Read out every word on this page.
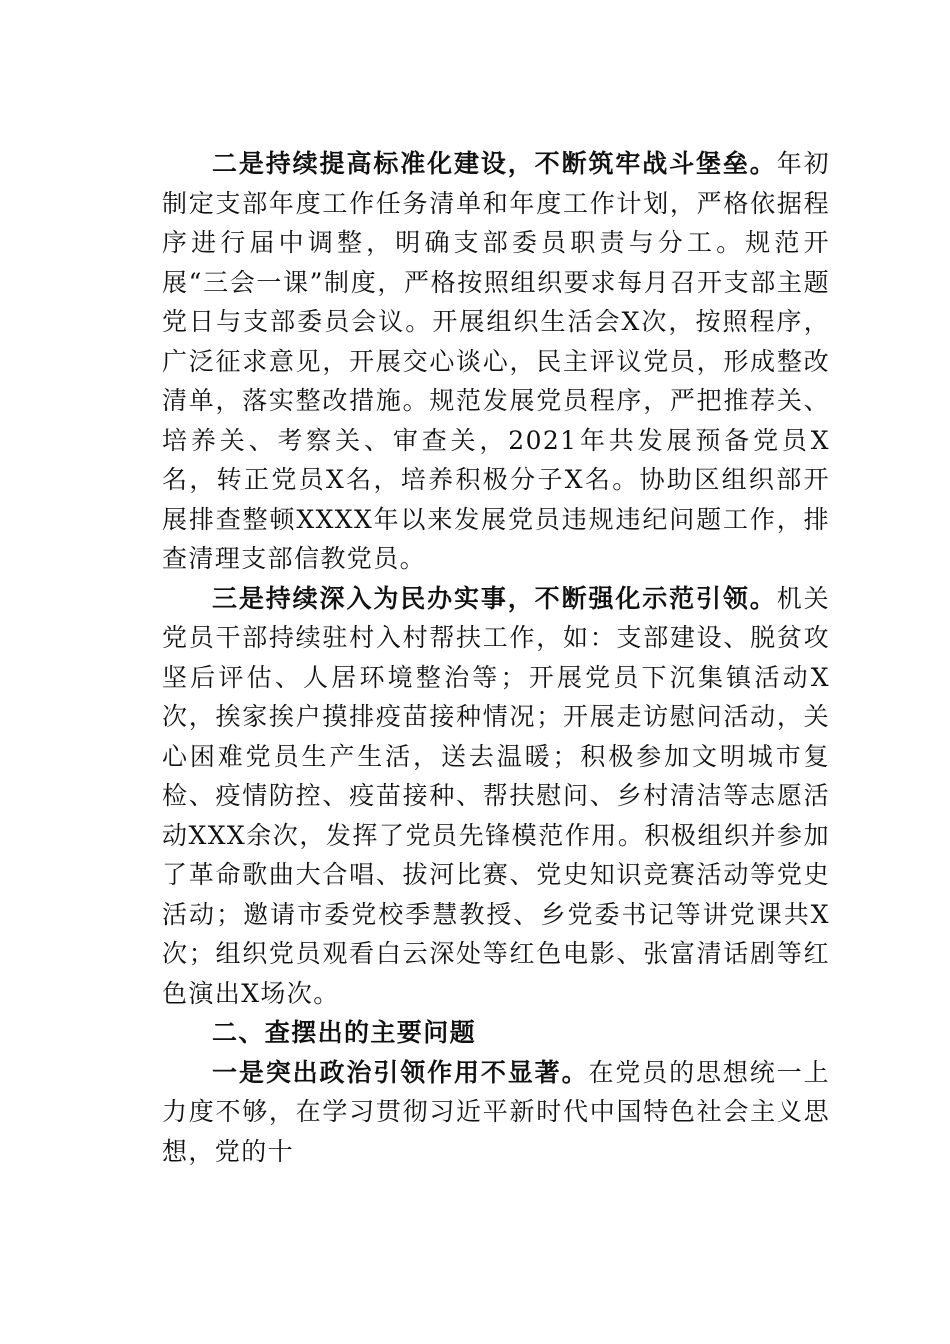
二是持续提高标准化建设，不断筑牢战斗堡垒。年初制定支部年度工作任务清单和年度工作计划，严格依据程序进行届中调整，明确支部委员职责与分工。规范开展“三会一课”制度，严格按照组织要求每月召开支部主题党日与支部委员会议。开展组织生活会X次，按照程序，广泛征求意见，开展交心谈心，民主评议党员，形成整改清单，落实整改措施。规范发展党员程序，严把推荐关、培养关、考察关、审查关，2021年共发展预备党员X名，转正党员X名，培养积极分子X名。协助区组织部开展排查整顿XXXX年以来发展党员违规违纪问题工作，排查清理支部信教党员。

三是持续深入为民办实事，不断强化示范引领。机关党员干部持续驻村入村帮扶工作，如：支部建设、脱贫攻坚后评估、人居环境整治等；开展党员下沉集镇活动X次，挨家挨户摸排疫苗接种情况；开展走访慰问活动，关心困难党员生产生活，送去温暖；积极参加文明城市复检、疫情防控、疫苗接种、帮扶慰问、乡村清洁等志愿活动XXX余次，发挥了党员先锋模范作用。积极组织并参加了革命歌曲大合唱、拔河比赛、党史知识竞赛活动等党史活动；邀请市委党校季慧教授、乡党委书记等讲党课共X次；组织党员观看白云深处等红色电影、张富清话剧等红色演出X场次。

二、查摆出的主要问题

一是突出政治引领作用不显著。在党员的思想统一上力度不够，在学习贯彻习近平新时代中国特色社会主义思想，党的十
